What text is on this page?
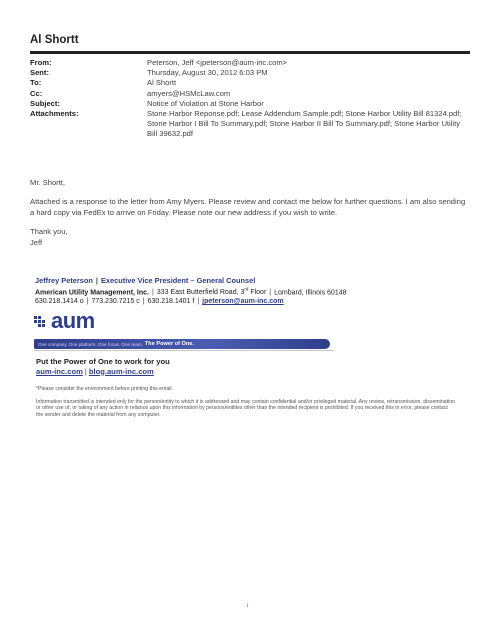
Al Shortt
From:	Peterson, Jeff <jpeterson@aum-inc.com>
Sent:	Thursday, August 30, 2012 6:03 PM
To:	Al Shortt
Cc:	amyers@HSMcLaw.com
Subject:	Notice of Violation at Stone Harbor
Attachments:	Stone Harbor Reponse.pdf; Lease Addendum Sample.pdf; Stone Harbor Utility Bill 81324.pdf; Stone Harbor I Bill To Summary.pdf; Stone Harbor II Bill To Summary.pdf; Stone Harbor Utility Bill 39632.pdf

Mr. Shortt,

Attached is a response to the letter from Amy Myers. Please review and contact me below for further questions. I am also sending a hard copy via FedEx to arrive on Friday. Please note our new address if you wish to write.

Thank you,

Jeff

Jeffrey Peterson | Executive Vice President – General Counsel
American Utility Management, Inc. | 333 East Butterfield Road, 3rd Floor | Lombard, Illinois 60148
630.218.1414 o | 773.230.7215 c | 630.218.1401 f | jpeterson@aum-inc.com
aum
One company. One platform. One focus. One team. The Power of One.
Put the Power of One to work for you
aum-inc.com | blog.aum-inc.com

*Please consider the environment before printing this email.

Information transmitted is intended only for the person/entity to which it is addressed and may contain confidential and/or privileged material. Any review, retransmission, dissemination or other use of, or taking of any action in reliance upon this information by persons/entities other than the intended recipient is prohibited. If you received this in error, please contact the sender and delete the material from any computer.

1
